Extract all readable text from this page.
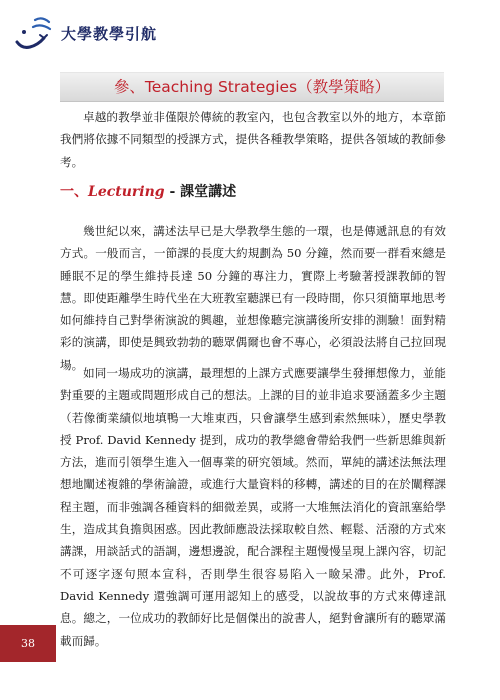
大學教學引航
參、Teaching Strategies（教學策略）

卓越的教學並非僅限於傳統的教室內，也包含教室以外的地方，本章節我們將依據不同類型的授課方式，提供各種教學策略，提供各領域的教師參考。

一、Lecturing - 課堂講述

幾世紀以來，講述法早已是大學教學生態的一環，也是傳遞訊息的有效方式。一般而言，一節課的長度大約規劃為 50 分鐘，然而要一群看來總是睡眠不足的學生維持長達 50 分鐘的專注力，實際上考驗著授課教師的智慧。即使距離學生時代坐在大班教室聽課已有一段時間，你只須簡單地思考如何維持自己對學術演說的興趣，並想像聽完演講後所安排的測驗！面對精彩的演講，即使是興致勃勃的聽眾偶爾也會不專心，必須設法將自己拉回現場。

如同一場成功的演講，最理想的上課方式應要讓學生發揮想像力，並能對重要的主題或問題形成自己的想法。上課的目的並非追求要涵蓋多少主題（若像衝業績似地填鴨一大堆東西，只會讓學生感到索然無味），歷史學教授 Prof. David Kennedy 提到，成功的教學總會帶給我們一些新思維與新方法，進而引領學生進入一個專業的研究領域。然而，單純的講述法無法理想地闡述複雜的學術論證，或進行大量資料的移轉，講述的目的在於闡釋課程主題，而非強調各種資料的細微差異，或將一大堆無法消化的資訊塞給學生，造成其負擔與困惑。因此教師應設法採取較自然、輕鬆、活潑的方式來講課，用談話式的語調，邊想邊說，配合課程主題慢慢呈現上課內容，切記不可逐字逐句照本宣科，否則學生很容易陷入一瞼呆滯。此外，Prof. David Kennedy 還強調可運用認知上的感受，以說故事的方式來傳達訊息。總之，一位成功的教師好比是個傑出的說書人，絕對會讓所有的聽眾滿載而歸。

38
